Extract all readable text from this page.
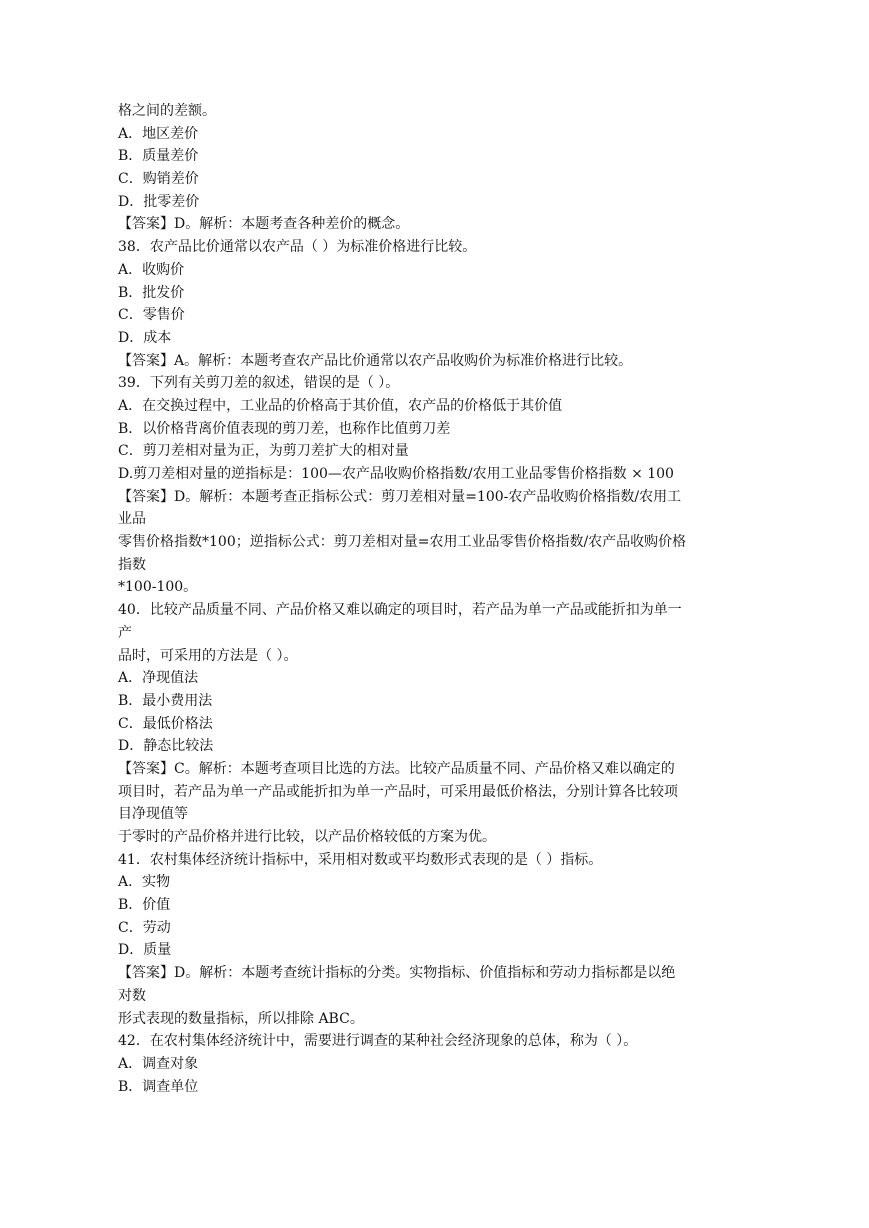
格之间的差额。
A．地区差价
B．质量差价
C．购销差价
D．批零差价
【答案】D。解析：本题考查各种差价的概念。
38．农产品比价通常以农产品（ ）为标准价格进行比较。
A．收购价
B．批发价
C．零售价
D．成本
【答案】A。解析：本题考查农产品比价通常以农产品收购价为标准价格进行比较。
39．下列有关剪刀差的叙述，错误的是（ ）。
A．在交换过程中，工业品的价格高于其价值，农产品的价格低于其价值
B．以价格背离价值表现的剪刀差，也称作比值剪刀差
C．剪刀差相对量为正，为剪刀差扩大的相对量
D.剪刀差相对量的逆指标是：100—农产品收购价格指数/农用工业品零售价格指数 × 100
【答案】D。解析：本题考查正指标公式：剪刀差相对量=100-农产品收购价格指数/农用工
业品
零售价格指数*100；逆指标公式：剪刀差相对量=农用工业品零售价格指数/农产品收购价格
指数
*100-100。
40．比较产品质量不同、产品价格又难以确定的项目时，若产品为单一产品或能折扣为单一
产
品时，可采用的方法是（ ）。
A．净现值法
B．最小费用法
C．最低价格法
D．静态比较法
【答案】C。解析：本题考查项目比选的方法。比较产品质量不同、产品价格又难以确定的
项目时，若产品为单一产品或能折扣为单一产品时，可采用最低价格法，分别计算各比较项
目净现值等
于零时的产品价格并进行比较，以产品价格较低的方案为优。
41．农村集体经济统计指标中，采用相对数或平均数形式表现的是（ ）指标。
A．实物
B．价值
C．劳动
D．质量
【答案】D。解析：本题考查统计指标的分类。实物指标、价值指标和劳动力指标都是以绝
对数
形式表现的数量指标，所以排除 ABC。
42．在农村集体经济统计中，需要进行调查的某种社会经济现象的总体，称为（ ）。
A．调查对象
B．调查单位
